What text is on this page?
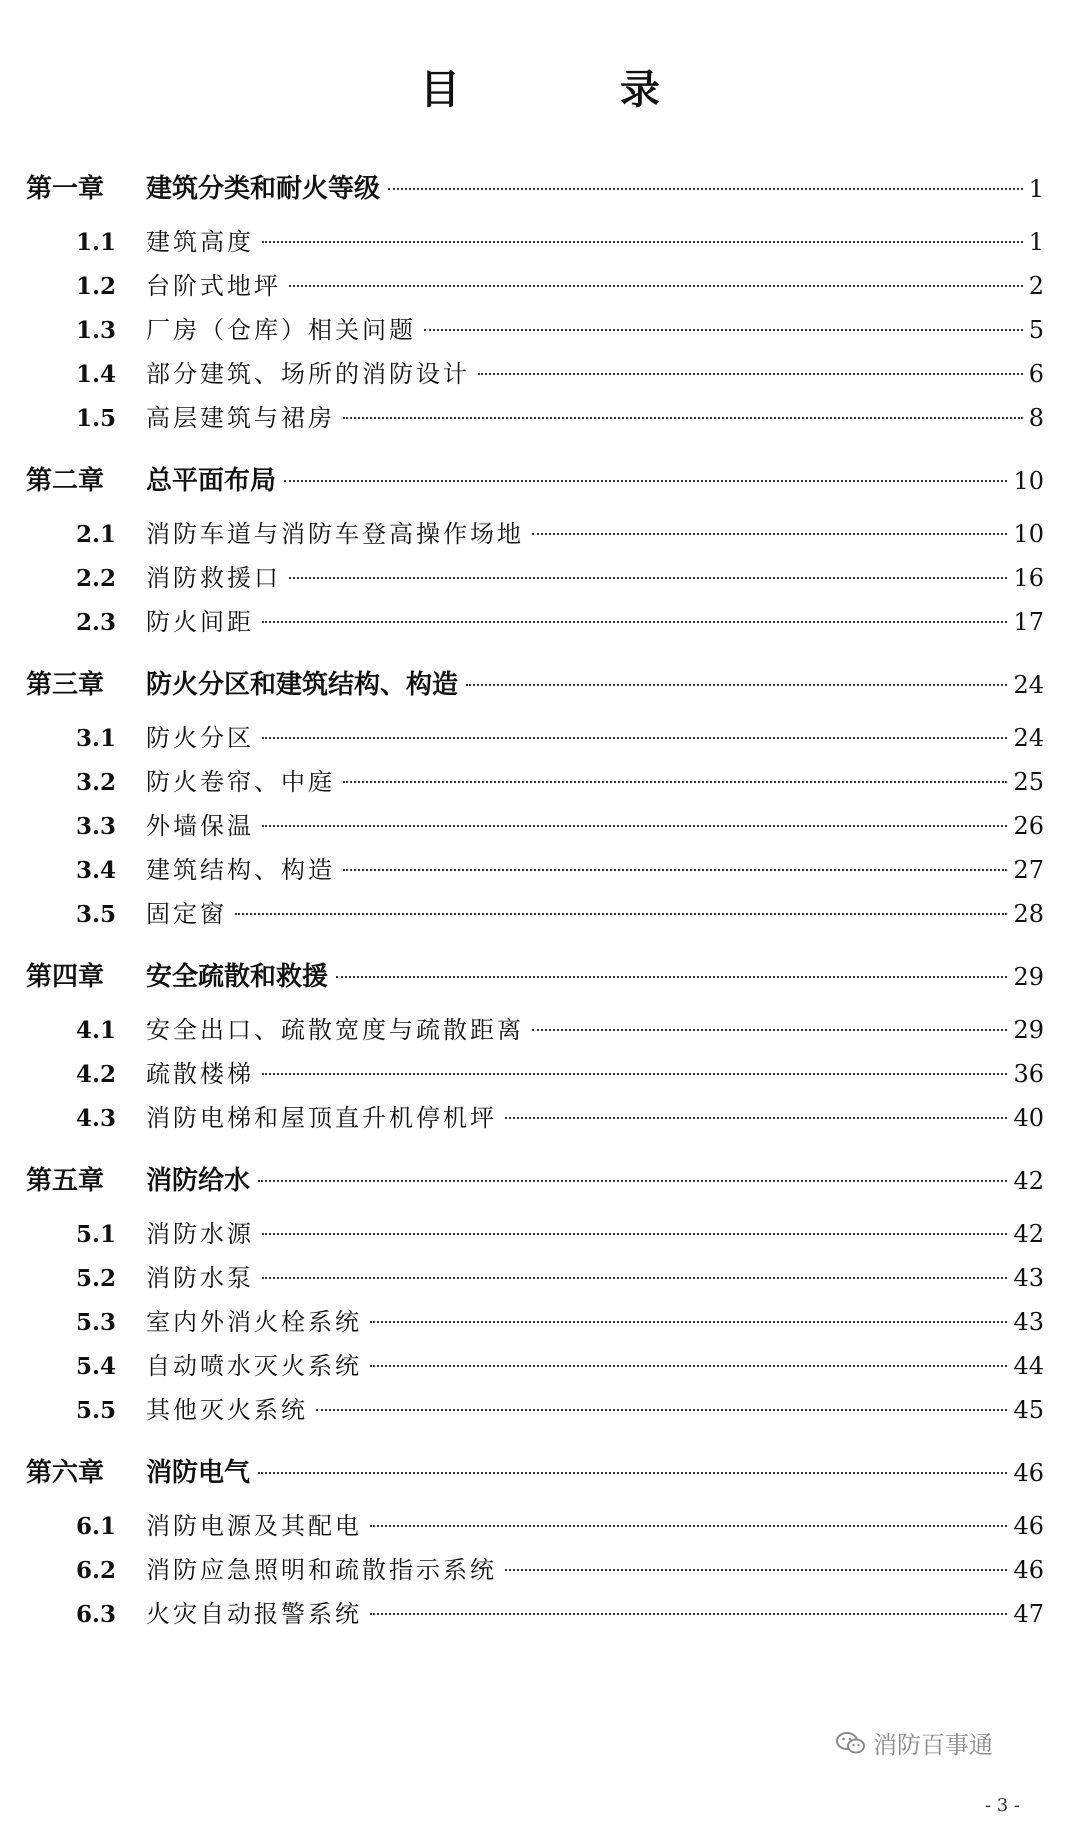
目　录
第一章	建筑分类和耐火等级	1
1.1	建筑高度	1
1.2	台阶式地坪	2
1.3	厂房（仓库）相关问题	5
1.4	部分建筑、场所的消防设计	6
1.5	高层建筑与裙房	8
第二章	总平面布局	10
2.1	消防车道与消防车登高操作场地	10
2.2	消防救援口	16
2.3	防火间距	17
第三章	防火分区和建筑结构、构造	24
3.1	防火分区	24
3.2	防火卷帘、中庭	25
3.3	外墙保温	26
3.4	建筑结构、构造	27
3.5	固定窗	28
第四章	安全疏散和救援	29
4.1	安全出口、疏散宽度与疏散距离	29
4.2	疏散楼梯	36
4.3	消防电梯和屋顶直升机停机坪	40
第五章	消防给水	42
5.1	消防水源	42
5.2	消防水泵	43
5.3	室内外消火栓系统	43
5.4	自动喷水灭火系统	44
5.5	其他灭火系统	45
第六章	消防电气	46
6.1	消防电源及其配电	46
6.2	消防应急照明和疏散指示系统	46
6.3	火灾自动报警系统	47
消防百事通
- 3 -
